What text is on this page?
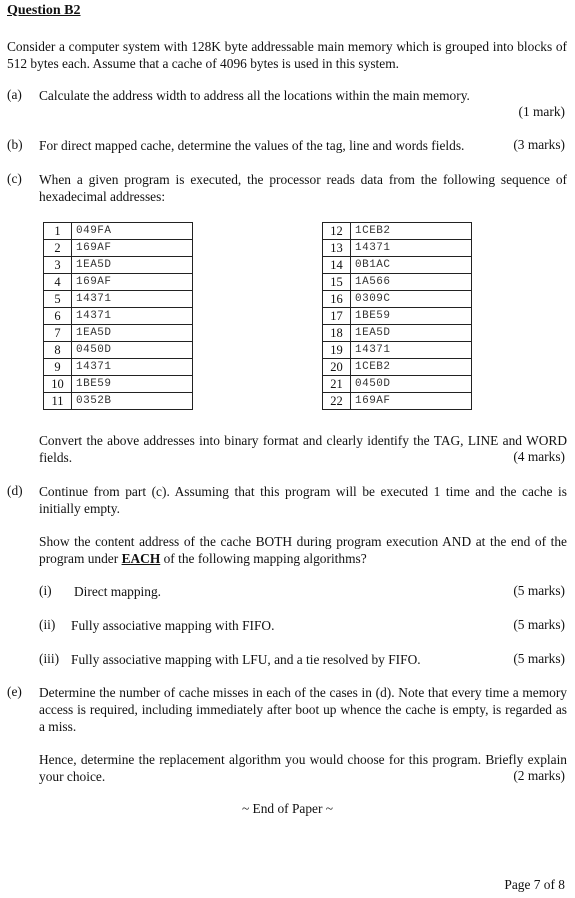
Question B2
Consider a computer system with 128K byte addressable main memory which is grouped into blocks of 512 bytes each. Assume that a cache of 4096 bytes is used in this system.
(a) Calculate the address width to address all the locations within the main memory.
(1 mark)
(b) For direct mapped cache, determine the values of the tag, line and words fields.	(3 marks)
(c) When a given program is executed, the processor reads data from the following sequence of hexadecimal addresses:
1	049FA
2	169AF
3	1EA5D
4	169AF
5	14371
6	14371
7	1EA5D
8	0450D
9	14371
10	1BE59
11	0352B
12	1CEB2
13	14371
14	0B1AC
15	1A566
16	0309C
17	1BE59
18	1EA5D
19	14371
20	1CEB2
21	0450D
22	169AF
Convert the above addresses into binary format and clearly identify the TAG, LINE and WORD fields.	(4 marks)
(d) Continue from part (c). Assuming that this program will be executed 1 time and the cache is initially empty.
Show the content address of the cache BOTH during program execution AND at the end of the program under EACH of the following mapping algorithms?
(i) Direct mapping.	(5 marks)
(ii) Fully associative mapping with FIFO.	(5 marks)
(iii) Fully associative mapping with LFU, and a tie resolved by FIFO.	(5 marks)
(e) Determine the number of cache misses in each of the cases in (d). Note that every time a memory access is required, including immediately after boot up whence the cache is empty, is regarded as a miss.
Hence, determine the replacement algorithm you would choose for this program. Briefly explain your choice.	(2 marks)
~ End of Paper ~
Page 7 of 8
